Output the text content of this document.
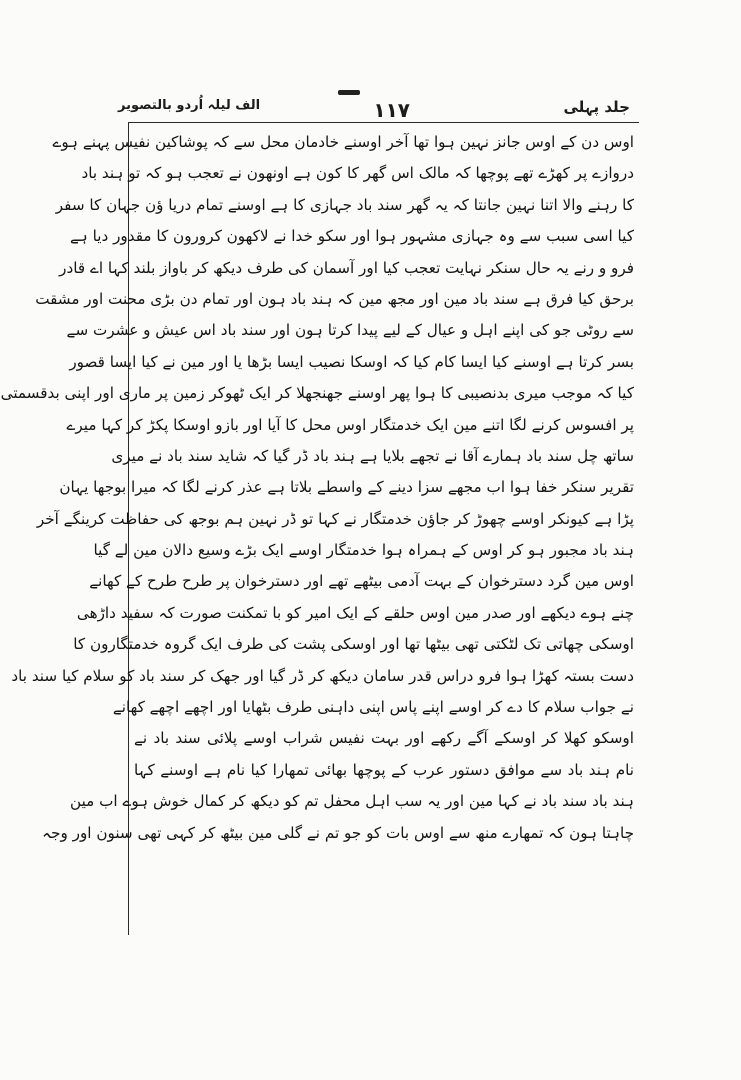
جلد پہلی
۱۱۷
الف لیلہ اُردو بالتصویر
اوس دن کے اوس جانز نہین ہوا تھا آخر اوسنے خادمان محل سے کہ پوشاکین نفیس پہنے ہوے
دروازے پر کھڑے تھے پوچھا کہ مالک اس گھر کا کون ہے اونھون نے تعجب ہو کہ تو ہند باد
کا رہنے والا اتنا نہین جانتا کہ یہ گھر سند باد جہازی کا ہے اوسنے تمام دریا ؤن جہان کا سفر
کیا اسی سبب سے وہ جہازی مشہور ہوا اور سکو خدا نے لاکھون کرورون کا مقدور دیا ہے
فرو و رنے یہ حال سنکر نہایت تعجب کیا اور آسمان کی طرف دیکھ کر باواز بلند کہا اے قادر
برحق کیا فرق ہے سند باد مین اور مجھ مین کہ ہند باد ہون اور تمام دن بڑی محنت اور مشقت
سے روٹی جو کی اپنے اہل و عیال کے لیے پیدا کرتا ہون اور سند باد اس عیش و عشرت سے
بسر کرتا ہے اوسنے کیا ایسا کام کیا کہ اوسکا نصیب ایسا بڑھا یا اور مین نے کیا ایسا قصور
کیا کہ موجب میری بدنصیبی کا ہوا پھر اوسنے جھنجھلا کر ایک ٹھوکر زمین پر ماری اور اپنی بدقسمتی
پر افسوس کرنے لگا اتنے مین ایک خدمتگار اوس محل کا آیا اور بازو اوسکا پکڑ کر کہا میرے
ساتھ چل سند باد ہمارے آقا نے تجھے بلایا ہے ہند باد ڈر گیا کہ شاید سند باد نے میری
تقریر سنکر خفا ہوا اب مجھے سزا دینے کے واسطے بلاتا ہے عذر کرنے لگا کہ میرا بوجھا یہان
پڑا ہے کیونکر اوسے چھوڑ کر جاؤن خدمتگار نے کہا تو ڈر نہین ہم بوجھ کی حفاظت کرینگے آخر
ہند باد مجبور ہو کر اوس کے ہمراہ ہوا خدمتگار اوسے ایک بڑے وسیع دالان مین لے گیا
اوس مین گرد دسترخوان کے بہت آدمی بیٹھے تھے اور دسترخوان پر طرح طرح کے کھانے
چنے ہوے دیکھے اور صدر مین اوس حلقے کے ایک امیر کو با تمکنت صورت کہ سفید داڑھی
اوسکی چھاتی تک لٹکتی تھی بیٹھا تھا اور اوسکی پشت کی طرف ایک گروہ خدمتگارون کا
دست بستہ کھڑا ہوا فرو دراس قدر سامان دیکھ کر ڈر گیا اور جھک کر سند باد کو سلام کیا سند باد
نے جواب سلام کا دے کر اوسے اپنے پاس اپنی داہنی طرف بٹھایا اور اچھے اچھے کھانے
اوسکو کھلا کر اوسکے آگے رکھے اور بہت نفیس شراب اوسے پلائی سند باد نے
نام ہند باد سے موافق دستور عرب کے پوچھا بھائی تمھارا کیا نام ہے اوسنے کہا
ہند باد سند باد نے کہا مین اور یہ سب اہل محفل تم کو دیکھ کر کمال خوش ہوے اب مین
چاہتا ہون کہ تمھارے منھ سے اوس بات کو جو تم نے گلی مین بیٹھ کر کہی تھی سنون اور وجہ
